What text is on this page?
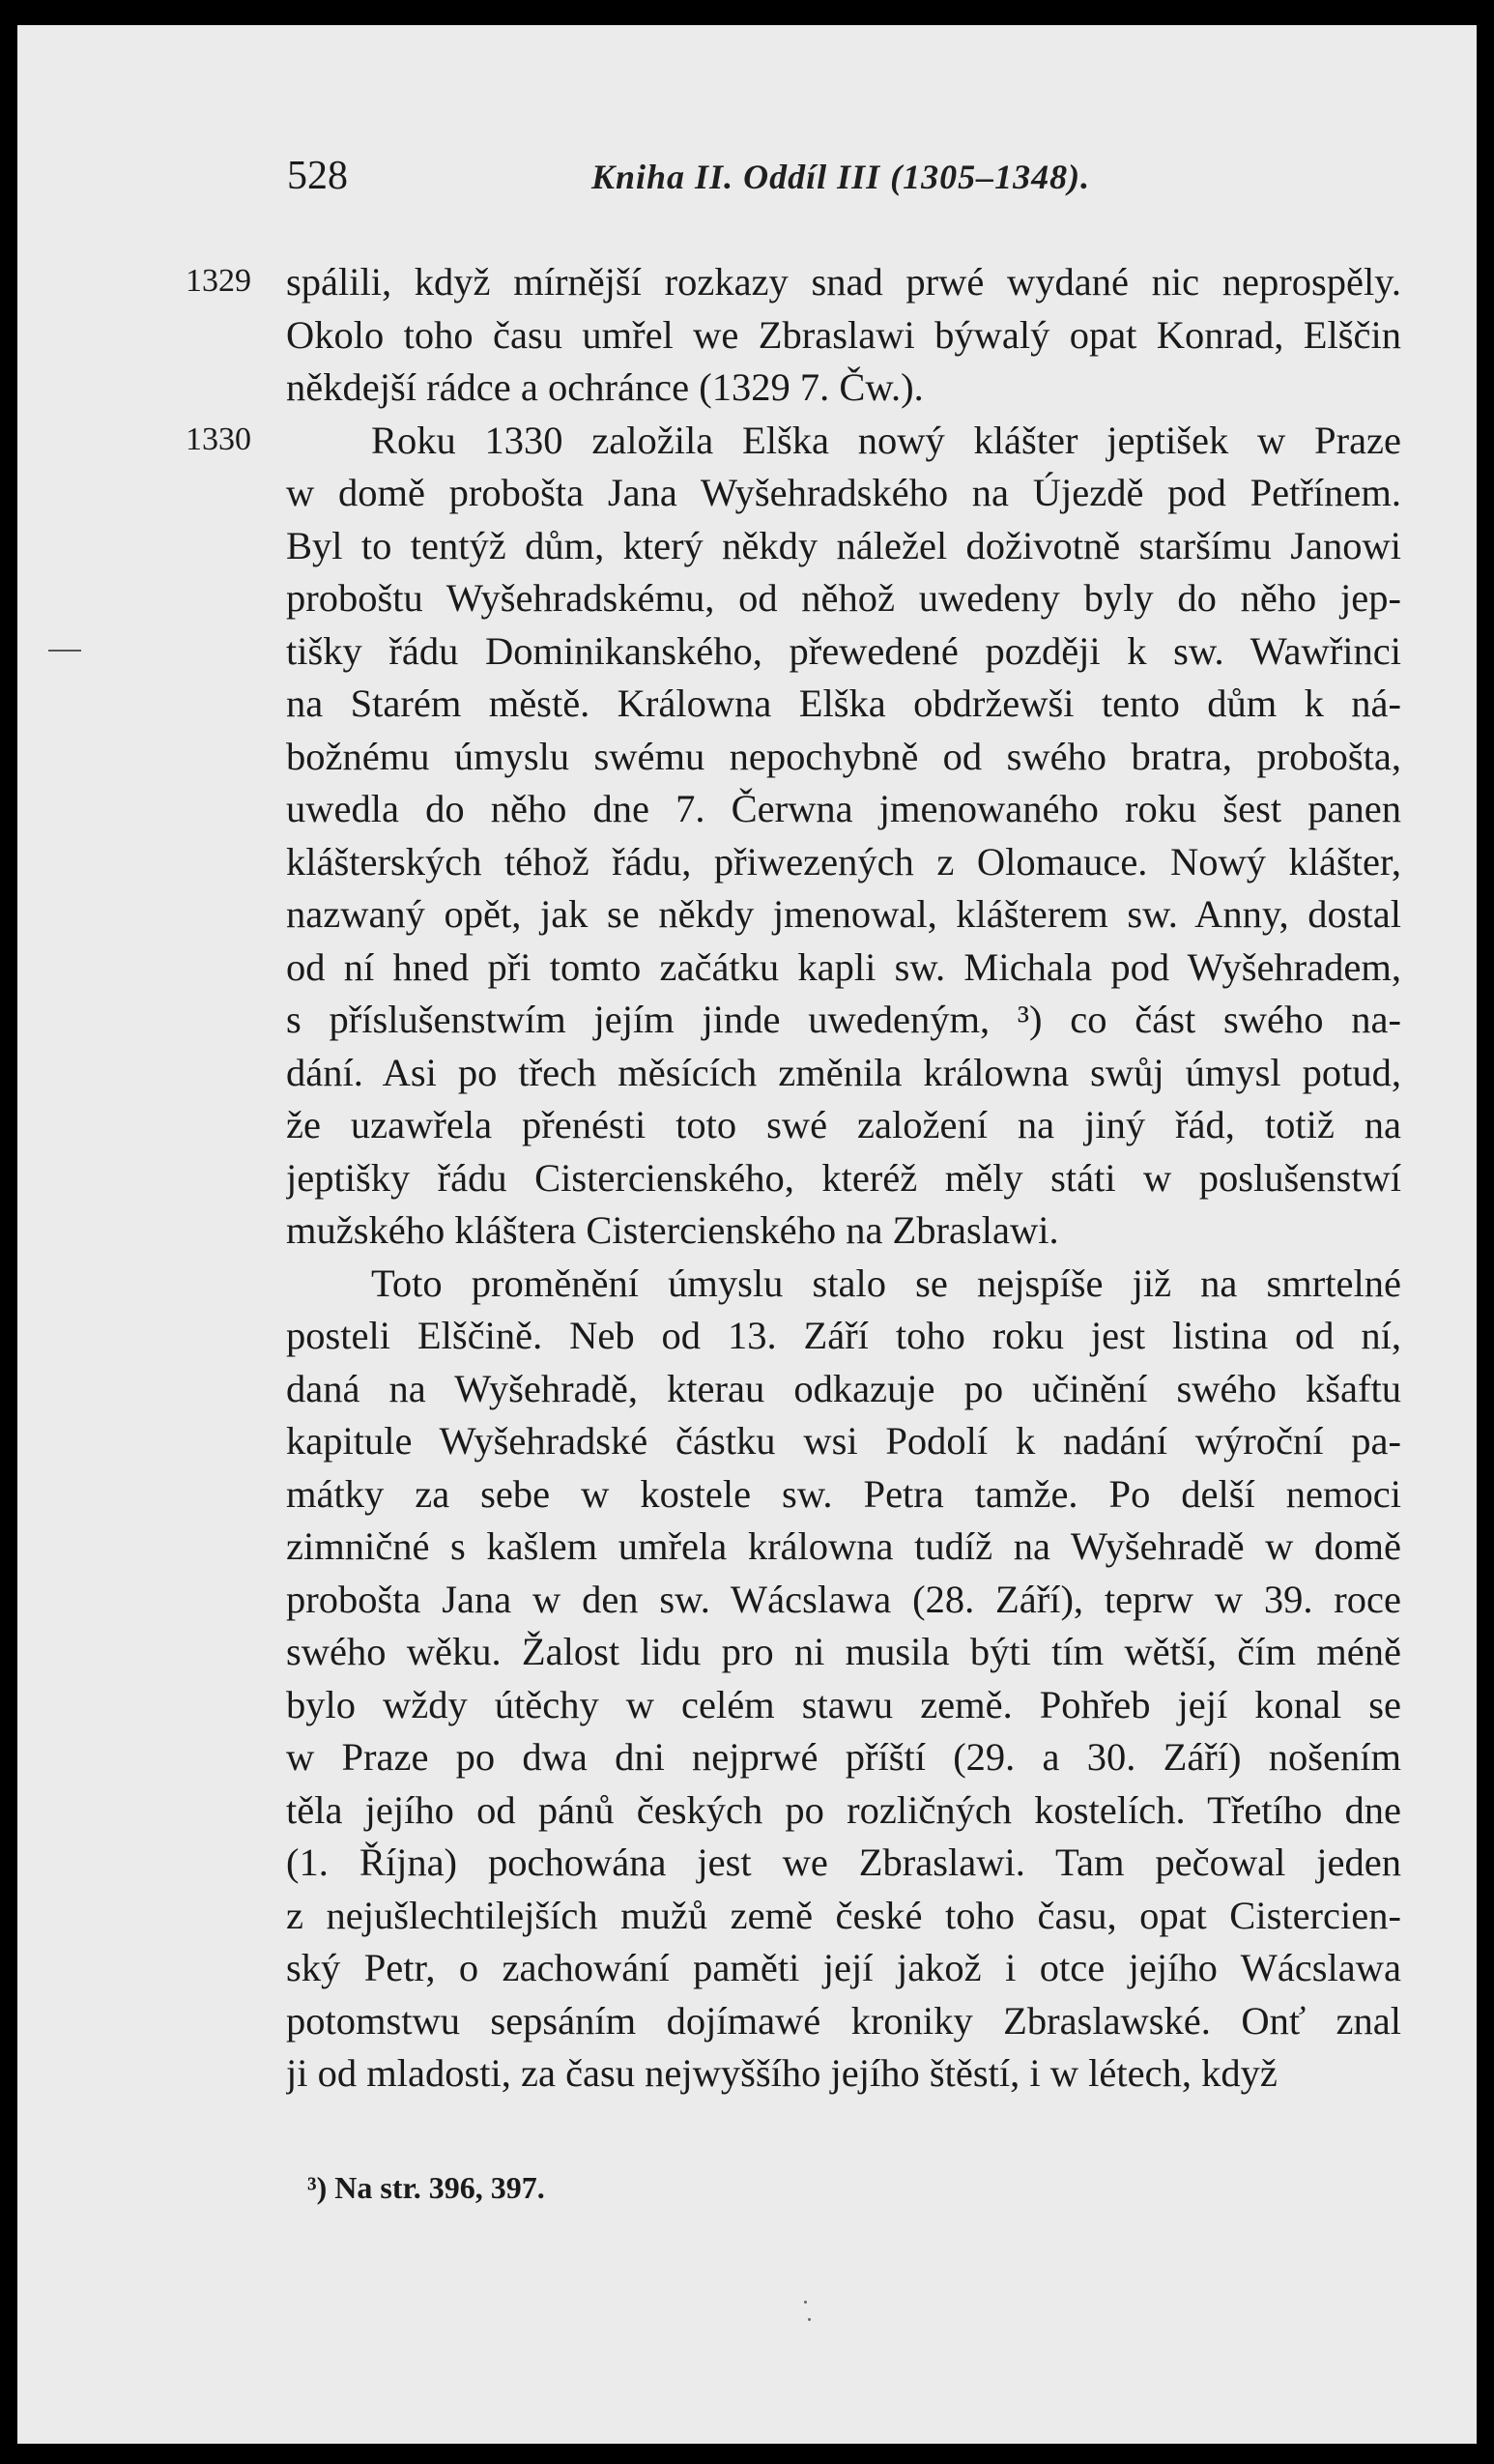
528	Kniha II. Oddíl III (1305–1348).
1329
1330
spálili, když mírnější rozkazy snad prwé wydané nic neprospěly.
Okolo toho času umřel we Zbraslawi býwalý opat Konrad, Elščin
někdejší rádce a ochránce (1329 7. Čw.).
Roku 1330 založila Elška nowý klášter jeptišek w Praze
w domě probošta Jana Wyšehradského na Újezdě pod Petřínem.
Byl to tentýž dům, který někdy náležel doživotně staršímu Janowi
proboštu Wyšehradskému, od něhož uwedeny byly do něho jep-
tišky řádu Dominikanského, přewedené později k sw. Wawřinci
na Starém městě. Králowna Elška obdržewši tento dům k ná-
božnému úmyslu swému nepochybně od swého bratra, probošta,
uwedla do něho dne 7. Čerwna jmenowaného roku šest panen
klášterských téhož řádu, přiwezených z Olomauce. Nowý klášter,
nazwaný opět, jak se někdy jmenowal, klášterem sw. Anny, dostal
od ní hned při tomto začátku kapli sw. Michala pod Wyšehradem,
s příslušenstwím jejím jinde uwedeným, ³) co část swého na-
dání. Asi po třech měsících změnila králowna swůj úmysl potud,
že uzawřela přenésti toto swé založení na jiný řád, totiž na
jeptišky řádu Cistercienského, kteréž měly státi w poslušenstwí
mužského kláštera Cistercienského na Zbraslawi.
Toto proměnění úmyslu stalo se nejspíše již na smrtelné
posteli Elščině. Neb od 13. Září toho roku jest listina od ní,
daná na Wyšehradě, kterau odkazuje po učinění swého kšaftu
kapitule Wyšehradské částku wsi Podolí k nadání wýroční pa-
mátky za sebe w kostele sw. Petra tamže. Po delší nemoci
zimničné s kašlem umřela králowna tudíž na Wyšehradě w domě
probošta Jana w den sw. Wácslawa (28. Září), teprw w 39. roce
swého wěku. Žalost lidu pro ni musila býti tím wětší, čím méně
bylo wždy útěchy w celém stawu země. Pohřeb její konal se
w Praze po dwa dni nejprwé příští (29. a 30. Září) nošením
těla jejího od pánů českých po rozličných kostelích. Třetího dne
(1. Října) pochowána jest we Zbraslawi. Tam pečowal jeden
z nejušlechtilejších mužů země české toho času, opat Cistercien-
ský Petr, o zachowání paměti její jakož i otce jejího Wácslawa
potomstwu sepsáním dojímawé kroniky Zbraslawské. Onť znal
ji od mladosti, za času nejwyššího jejího štěstí, i w létech, když
³) Na str. 396, 397.
